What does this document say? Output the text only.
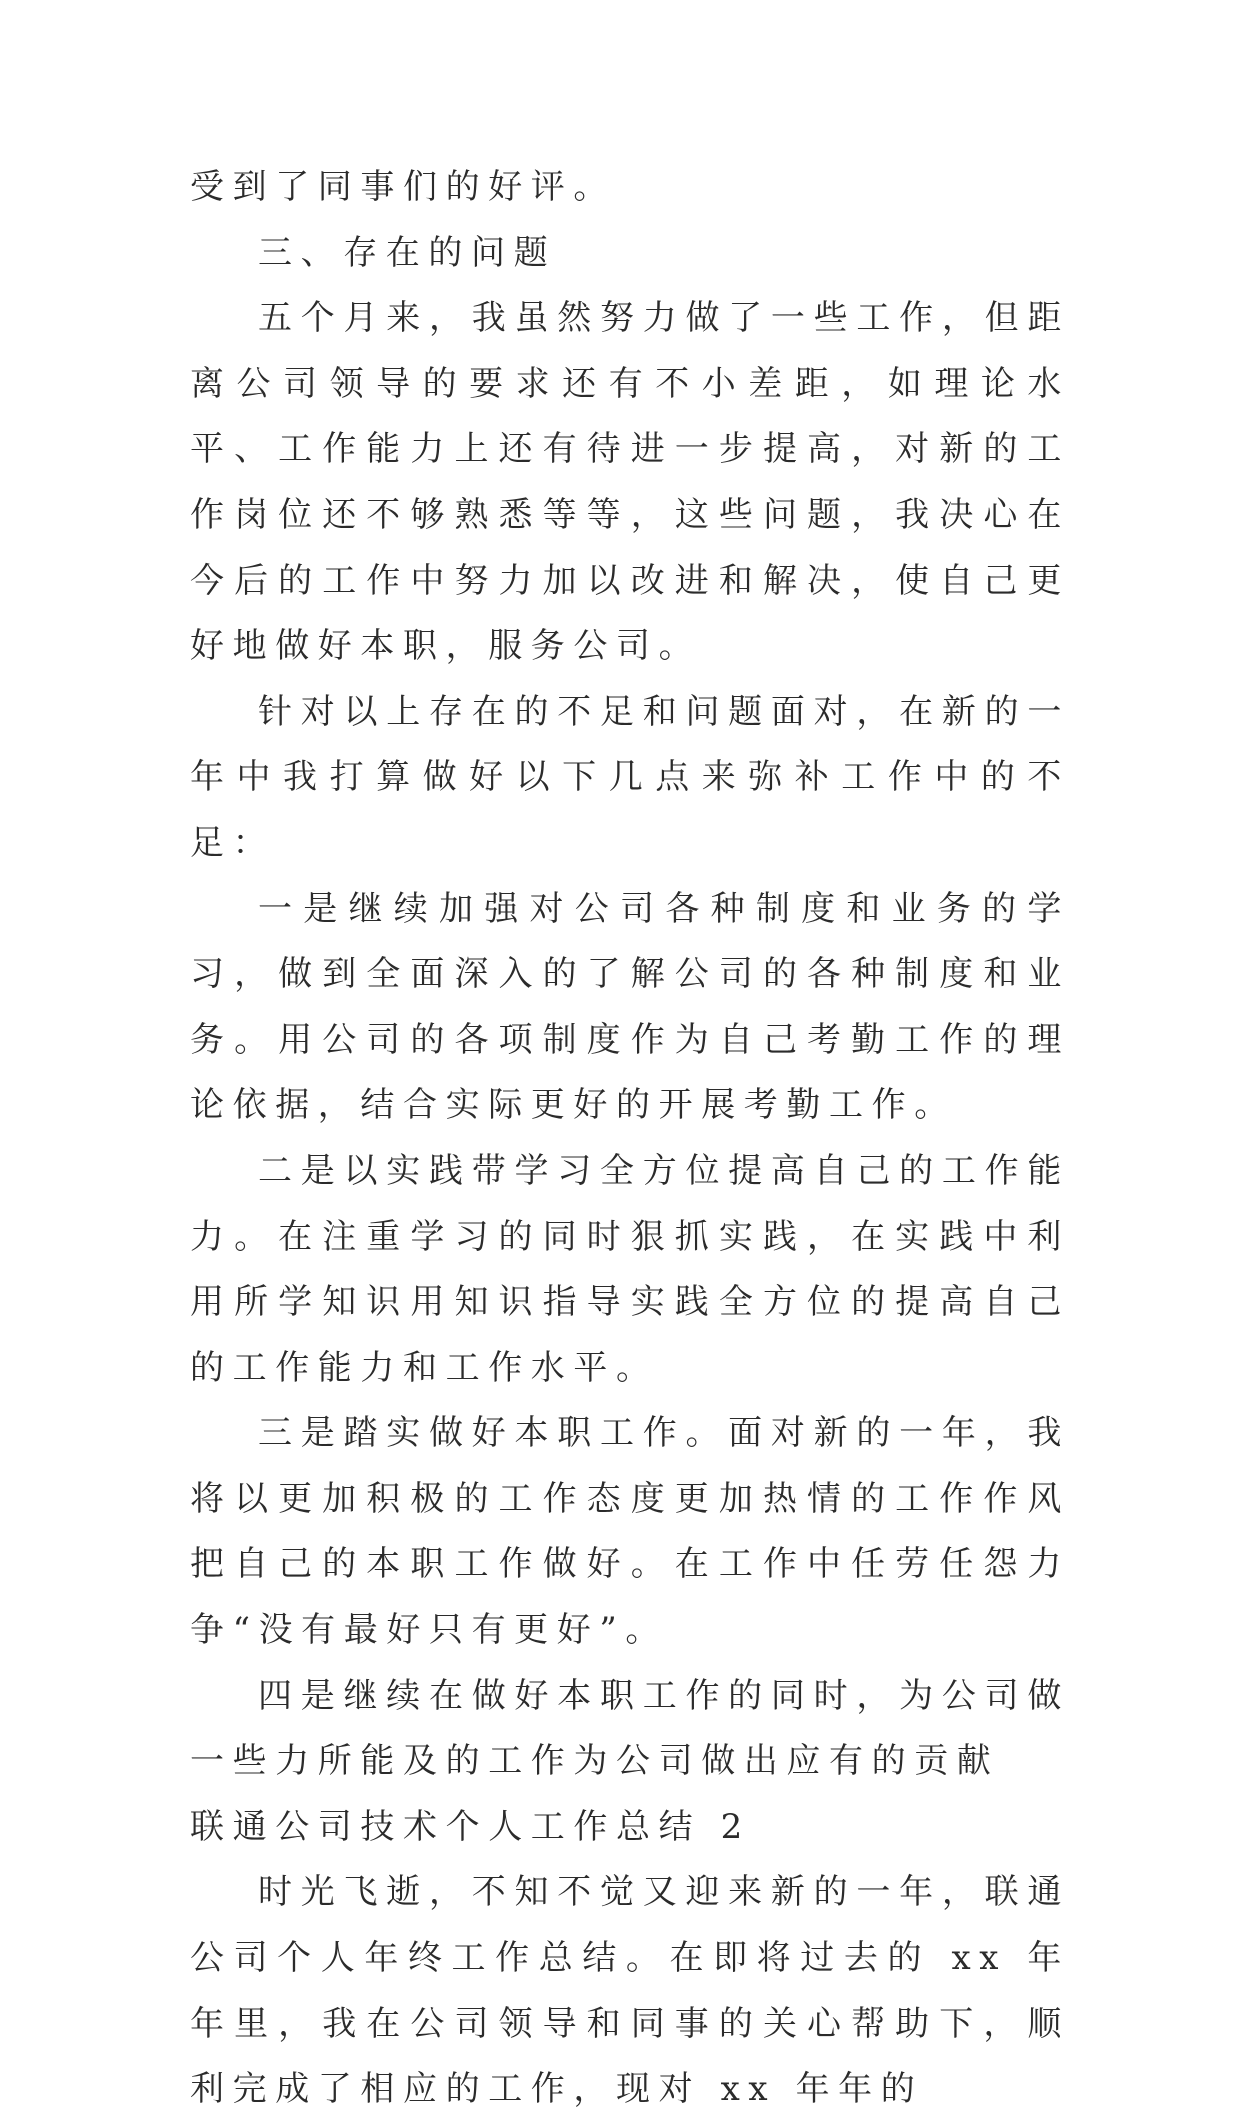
受到了同事们的好评。

三、存在的问题

五个月来，我虽然努力做了一些工作，但距离公司领导的要求还有不小差距，如理论水平、工作能力上还有待进一步提高，对新的工作岗位还不够熟悉等等，这些问题，我决心在今后的工作中努力加以改进和解决，使自己更好地做好本职，服务公司。

针对以上存在的不足和问题面对，在新的一年中我打算做好以下几点来弥补工作中的不足：

一是继续加强对公司各种制度和业务的学习，做到全面深入的了解公司的各种制度和业务。用公司的各项制度作为自己考勤工作的理论依据，结合实际更好的开展考勤工作。

二是以实践带学习全方位提高自己的工作能力。在注重学习的同时狠抓实践，在实践中利用所学知识用知识指导实践全方位的提高自己的工作能力和工作水平。

三是踏实做好本职工作。面对新的一年，我将以更加积极的工作态度更加热情的工作作风把自己的本职工作做好。在工作中任劳任怨力争“没有最好只有更好”。

四是继续在做好本职工作的同时，为公司做一些力所能及的工作为公司做出应有的贡献

联通公司技术个人工作总结 2

时光飞逝，不知不觉又迎来新的一年，联通公司个人年终工作总结。在即将过去的 xx 年年里，我在公司领导和同事的关心帮助下，顺利完成了相应的工作，现对 xx 年年的
